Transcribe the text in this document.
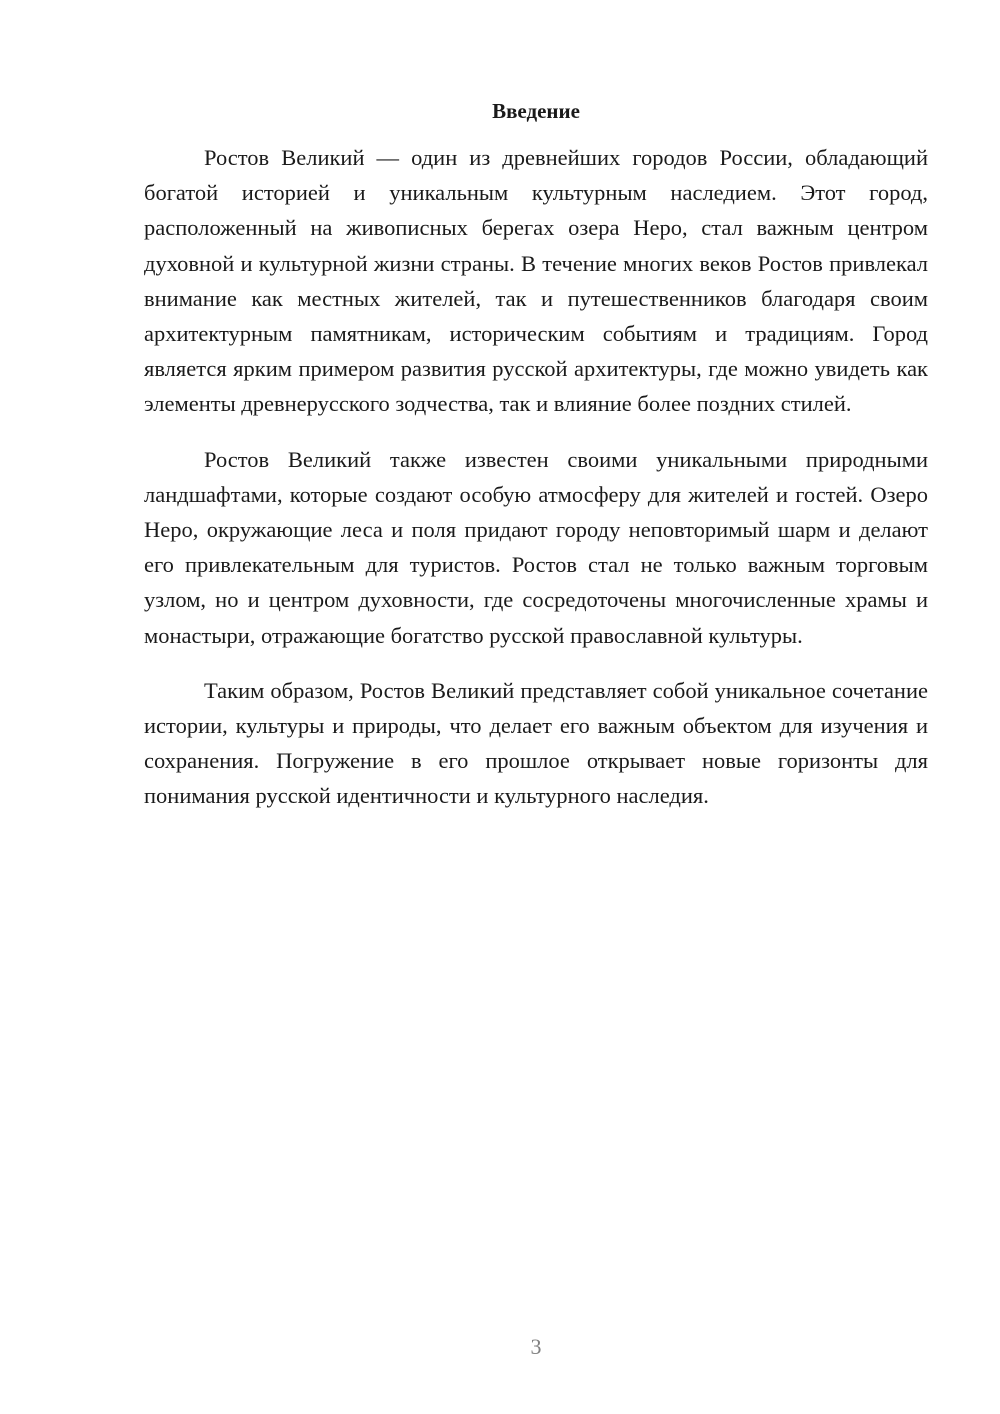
Введение

Ростов Великий — один из древнейших городов России, обладающий богатой историей и уникальным культурным наследием. Этот город, расположенный на живописных берегах озера Неро, стал важным центром духовной и культурной жизни страны. В течение многих веков Ростов привлекал внимание как местных жителей, так и путешественников благодаря своим архитектурным памятникам, историческим событиям и традициям. Город является ярким примером развития русской архитектуры, где можно увидеть как элементы древнерусского зодчества, так и влияние более поздних стилей.

Ростов Великий также известен своими уникальными природными ландшафтами, которые создают особую атмосферу для жителей и гостей. Озеро Неро, окружающие леса и поля придают городу неповторимый шарм и делают его привлекательным для туристов. Ростов стал не только важным торговым узлом, но и центром духовности, где сосредоточены многочисленные храмы и монастыри, отражающие богатство русской православной культуры.

Таким образом, Ростов Великий представляет собой уникальное сочетание истории, культуры и природы, что делает его важным объектом для изучения и сохранения. Погружение в его прошлое открывает новые горизонты для понимания русской идентичности и культурного наследия.

3
